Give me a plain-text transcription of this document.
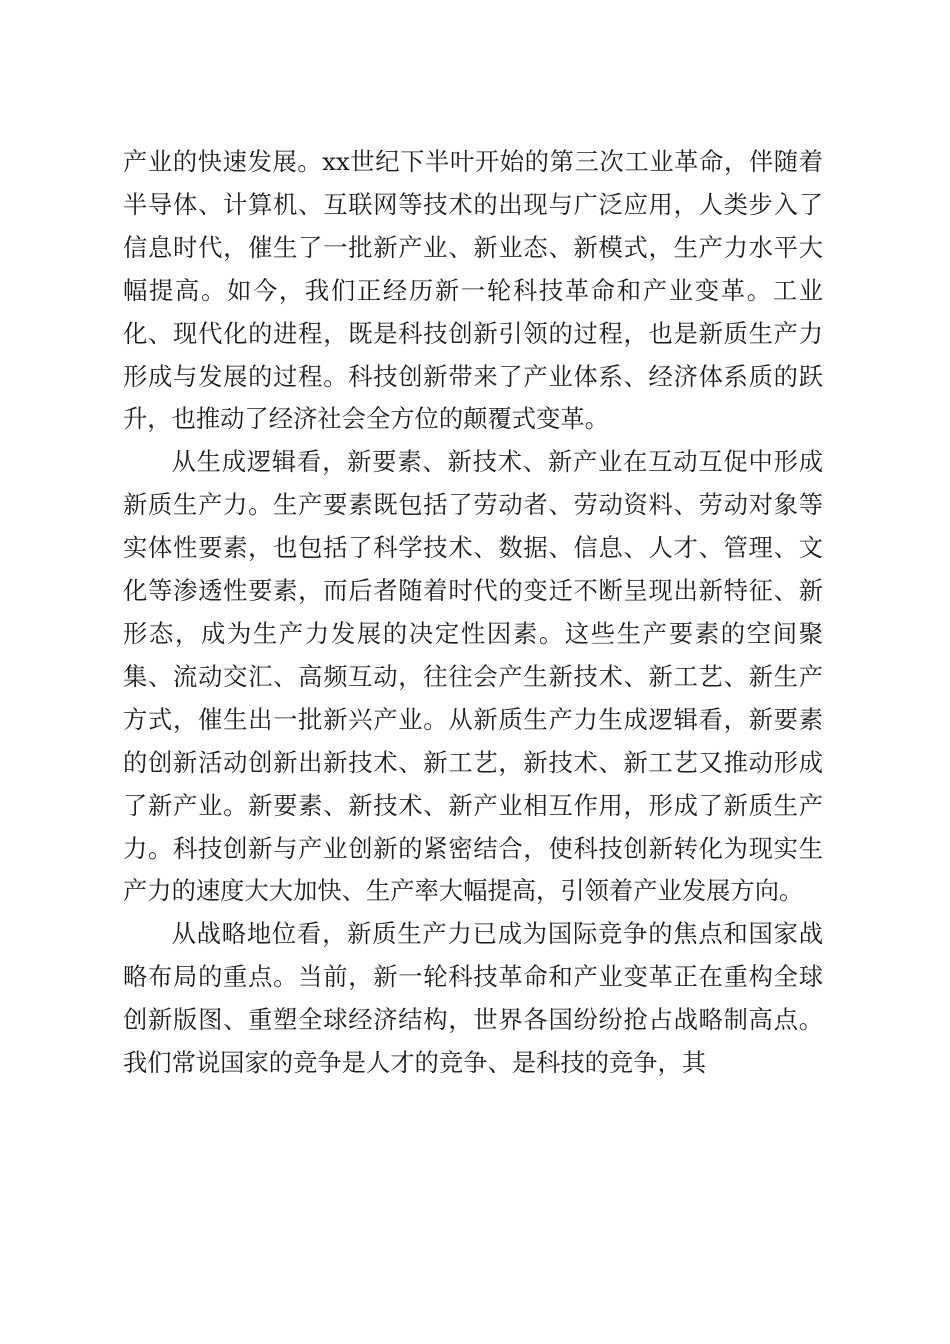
产业的快速发展。xx世纪下半叶开始的第三次工业革命，伴随着半导体、计算机、互联网等技术的出现与广泛应用，人类步入了信息时代，催生了一批新产业、新业态、新模式，生产力水平大幅提高。如今，我们正经历新一轮科技革命和产业变革。工业化、现代化的进程，既是科技创新引领的过程，也是新质生产力形成与发展的过程。科技创新带来了产业体系、经济体系质的跃升，也推动了经济社会全方位的颠覆式变革。

从生成逻辑看，新要素、新技术、新产业在互动互促中形成新质生产力。生产要素既包括了劳动者、劳动资料、劳动对象等实体性要素，也包括了科学技术、数据、信息、人才、管理、文化等渗透性要素，而后者随着时代的变迁不断呈现出新特征、新形态，成为生产力发展的决定性因素。这些生产要素的空间聚集、流动交汇、高频互动，往往会产生新技术、新工艺、新生产方式，催生出一批新兴产业。从新质生产力生成逻辑看，新要素的创新活动创新出新技术、新工艺，新技术、新工艺又推动形成了新产业。新要素、新技术、新产业相互作用，形成了新质生产力。科技创新与产业创新的紧密结合，使科技创新转化为现实生产力的速度大大加快、生产率大幅提高，引领着产业发展方向。

从战略地位看，新质生产力已成为国际竞争的焦点和国家战略布局的重点。当前，新一轮科技革命和产业变革正在重构全球创新版图、重塑全球经济结构，世界各国纷纷抢占战略制高点。我们常说国家的竞争是人才的竞争、是科技的竞争，其
